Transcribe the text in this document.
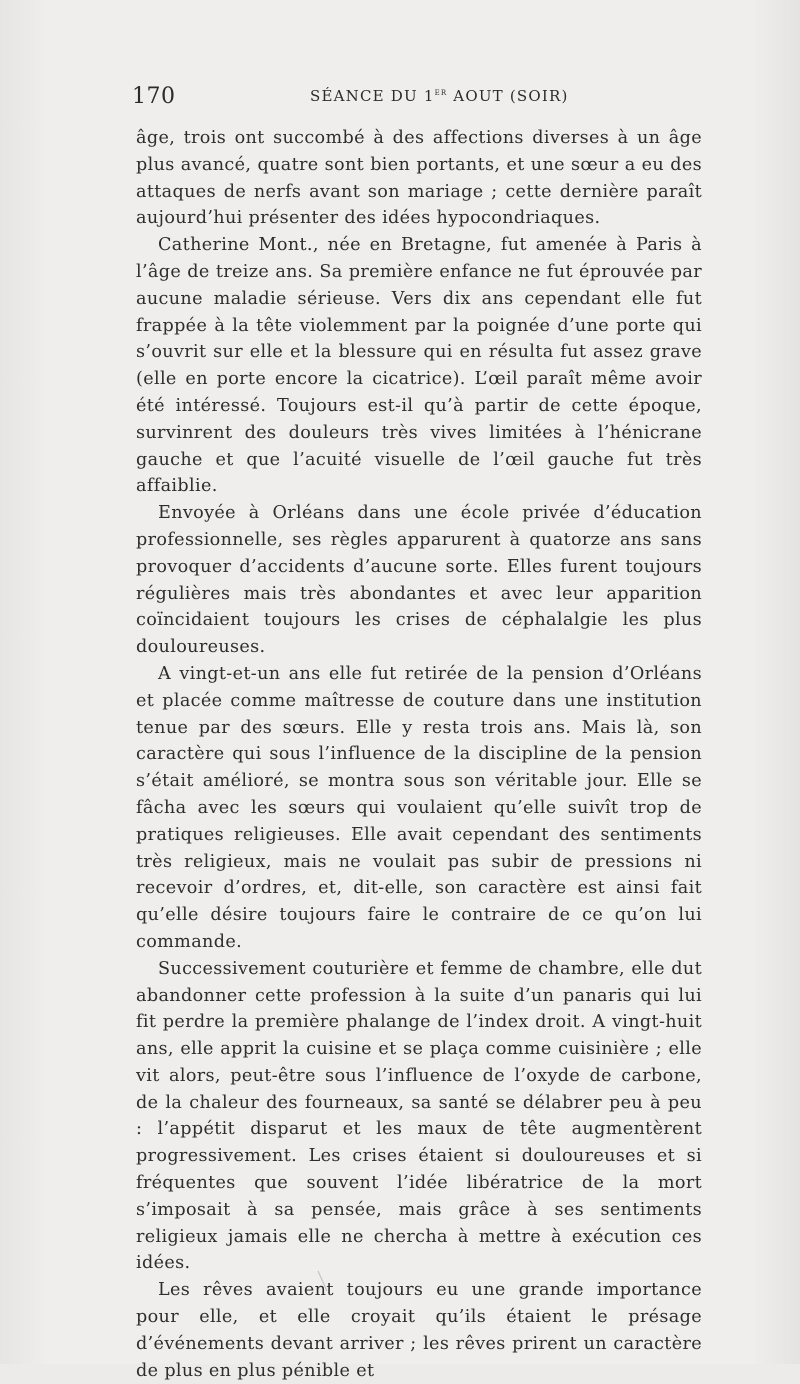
170	SÉANCE DU 1er AOUT (SOIR)

âge, trois ont succombé à des affections diverses à un âge plus avancé, quatre sont bien portants, et une sœur a eu des attaques de nerfs avant son mariage ; cette dernière paraît aujourd’hui présenter des idées hypocondriaques.

Catherine Mont., née en Bretagne, fut amenée à Paris à l’âge de treize ans. Sa première enfance ne fut éprouvée par aucune maladie sérieuse. Vers dix ans cependant elle fut frappée à la tête violemment par la poignée d’une porte qui s’ouvrit sur elle et la blessure qui en résulta fut assez grave (elle en porte encore la cicatrice). L’œil paraît même avoir été intéressé. Toujours est-il qu’à partir de cette époque, survinrent des douleurs très vives limitées à l’hénicrane gauche et que l’acuité visuelle de l’œil gauche fut très affaiblie.

Envoyée à Orléans dans une école privée d’éducation professionnelle, ses règles apparurent à quatorze ans sans provoquer d’accidents d’aucune sorte. Elles furent toujours régulières mais très abondantes et avec leur apparition coïncidaient toujours les crises de céphalalgie les plus douloureuses.

A vingt-et-un ans elle fut retirée de la pension d’Orléans et placée comme maîtresse de couture dans une institution tenue par des sœurs. Elle y resta trois ans. Mais là, son caractère qui sous l’influence de la discipline de la pension s’était amélioré, se montra sous son véritable jour. Elle se fâcha avec les sœurs qui voulaient qu’elle suivît trop de pratiques religieuses. Elle avait cependant des sentiments très religieux, mais ne voulait pas subir de pressions ni recevoir d’ordres, et, dit-elle, son caractère est ainsi fait qu’elle désire toujours faire le contraire de ce qu’on lui commande.

Successivement couturière et femme de chambre, elle dut abandonner cette profession à la suite d’un panaris qui lui fit perdre la première phalange de l’index droit. A vingt-huit ans, elle apprit la cuisine et se plaça comme cuisinière ; elle vit alors, peut-être sous l’influence de l’oxyde de carbone, de la chaleur des fourneaux, sa santé se délabrer peu à peu : l’appétit disparut et les maux de tête augmentèrent progressivement. Les crises étaient si douloureuses et si fréquentes que souvent l’idée libératrice de la mort s’imposait à sa pensée, mais grâce à ses sentiments religieux jamais elle ne chercha à mettre à exécution ces idées.

Les rêves avaient toujours eu une grande importance pour elle, et elle croyait qu’ils étaient le présage d’événements devant arriver ; les rêves prirent un caractère de plus en plus pénible et
